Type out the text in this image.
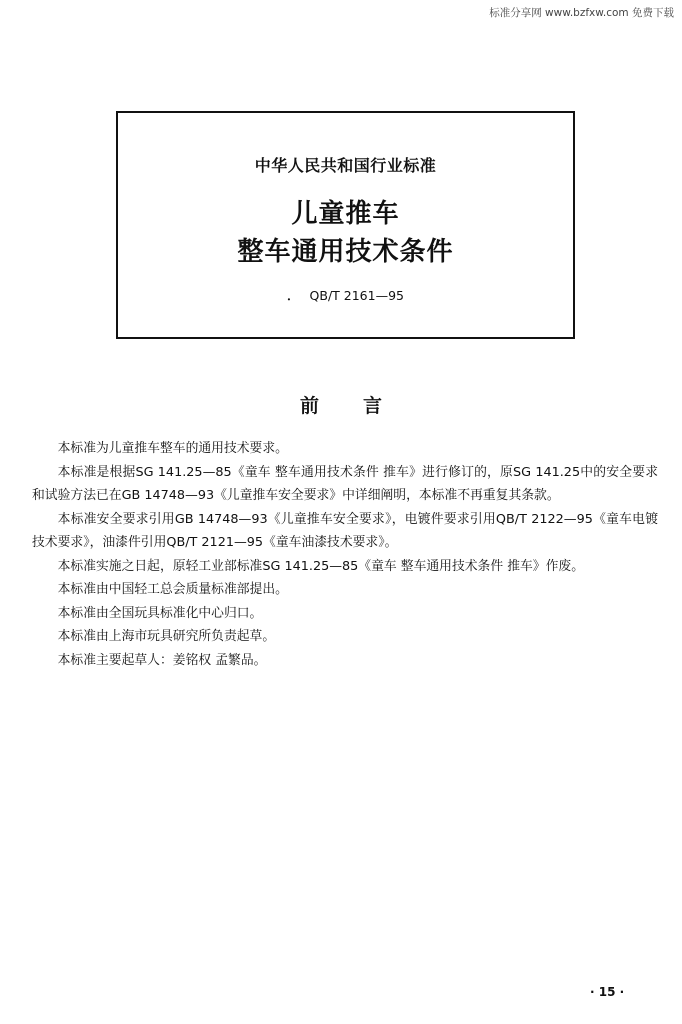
标准分享网 www.bzfxw.com 免费下载
中华人民共和国行业标准
儿童推车
整车通用技术条件
． QB/T 2161—95
前言

本标准为儿童推车整车的通用技术要求。

本标准是根据SG 141.25—85《童车 整车通用技术条件 推车》进行修订的，原SG 141.25中的安全要求和试验方法已在GB 14748—93《儿童推车安全要求》中详细阐明，本标准不再重复其条款。

本标准安全要求引用GB 14748—93《儿童推车安全要求》，电镀件要求引用QB/T 2122—95《童车电镀技术要求》，油漆件引用QB/T 2121—95《童车油漆技术要求》。

本标准实施之日起，原轻工业部标准SG 141.25—85《童车 整车通用技术条件 推车》作废。

本标准由中国轻工总会质量标准部提出。

本标准由全国玩具标准化中心归口。

本标准由上海市玩具研究所负责起草。

本标准主要起草人：姜铭权 孟繁品。

· 15 ·
